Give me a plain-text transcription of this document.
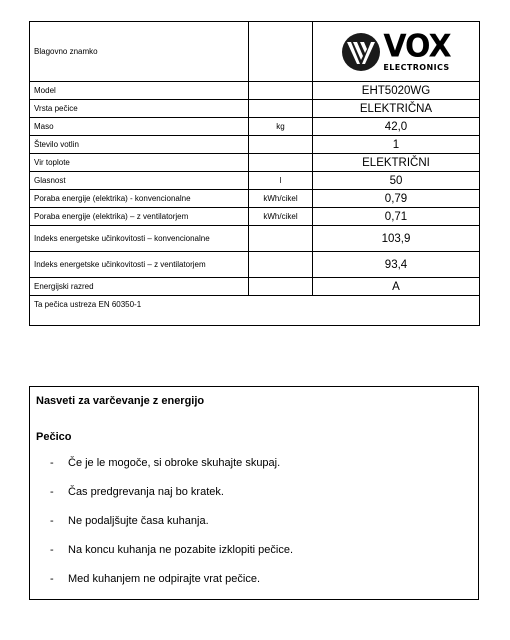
Blagovno znamko		VOX
ELECTRONICS

Model		EHT5020WG
Vrsta pečice		ELEKTRIČNA
Maso	kg	42,0
Število votlin		1
Vir toplote		ELEKTRIČNI
Glasnost	l	50
Poraba energije (elektrika) - konvencionalne	kWh/cikel	0,79
Poraba energije (elektrika) – z ventilatorjem	kWh/cikel	0,71
Indeks energetske učinkovitosti – konvencionalne		103,9
Indeks energetske učinkovitosti – z ventilatorjem		93,4
Energijski razred		A
Ta pečica ustreza EN 60350-1		
Nasveti za varčevanje z energijo
Pečico
-	Če je le mogoče, si obroke skuhajte skupaj.
-	Čas predgrevanja naj bo kratek.
-	Ne podaljšujte časa kuhanja.
-	Na koncu kuhanja ne pozabite izklopiti pečice.
-	Med kuhanjem ne odpirajte vrat pečice.
